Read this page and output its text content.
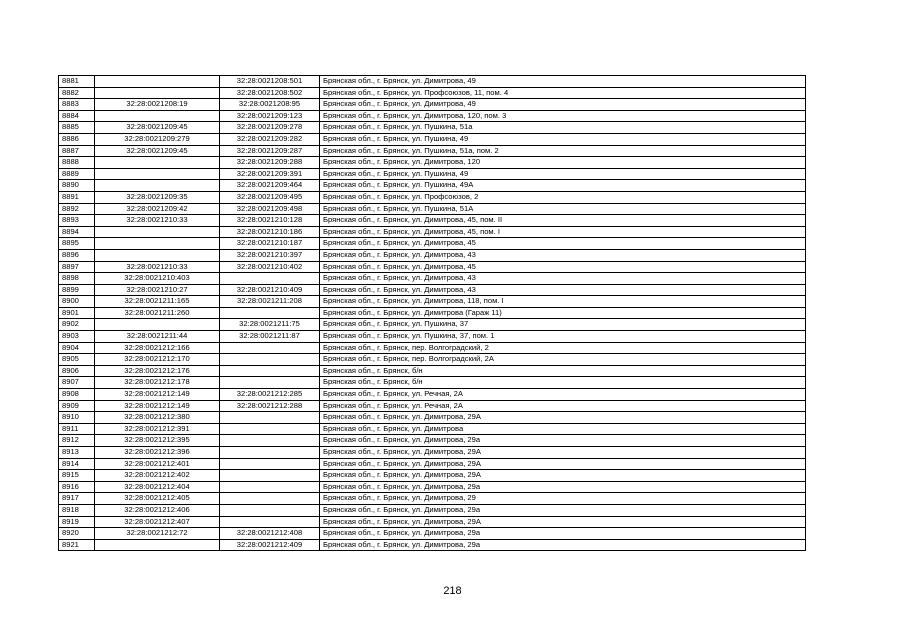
8881		32:28:0021208:501	Брянская обл., г. Брянск, ул. Димитрова, 49
8882		32:28:0021208:502	Брянская обл., г. Брянск, ул. Профсоюзов, 11, пом. 4
8883	32:28:0021208:19	32:28:0021208:95	Брянская обл., г. Брянск, ул. Димитрова, 49
8884		32:28:0021209:123	Брянская обл., г. Брянск, ул. Димитрова, 120, пом. 3
8885	32:28:0021209:45	32:28:0021209:278	Брянская обл., г. Брянск, ул. Пушкина, 51а
8886	32:28:0021209:279	32:28:0021209:282	Брянская обл., г. Брянск, ул. Пушкина, 49
8887	32:28:0021209:45	32:28:0021209:287	Брянская обл., г. Брянск, ул. Пушкина, 51а, пом. 2
8888		32:28:0021209:288	Брянская обл., г. Брянск, ул. Димитрова, 120
8889		32:28:0021209:391	Брянская обл., г. Брянск, ул. Пушкина, 49
8890		32:28:0021209:464	Брянская обл., г. Брянск, ул. Пушкина, 49А
8891	32:28:0021209:35	32:28:0021209:495	Брянская обл., г. Брянск, ул. Профсоюзов, 2
8892	32:28:0021209:42	32:28:0021209:498	Брянская обл., г. Брянск, ул. Пушкина, 51А
8893	32:28:0021210:33	32:28:0021210:128	Брянская обл., г. Брянск, ул. Димитрова, 45, пом. II
8894		32:28:0021210:186	Брянская обл., г. Брянск, ул. Димитрова, 45, пом. I
8895		32:28:0021210:187	Брянская обл., г. Брянск, ул. Димитрова, 45
8896		32:28:0021210:397	Брянская обл., г. Брянск, ул. Димитрова, 43
8897	32:28:0021210:33	32:28:0021210:402	Брянская обл., г. Брянск, ул. Димитрова, 45
8898	32:28:0021210:403		Брянская обл., г. Брянск, ул. Димитрова, 43
8899	32:28:0021210:27	32:28:0021210:409	Брянская обл., г. Брянск, ул. Димитрова, 43
8900	32:28:0021211:165	32:28:0021211:208	Брянская обл., г. Брянск, ул. Димитрова, 118, пом. I
8901	32:28:0021211:260		Брянская обл., г. Брянск, ул. Димитрова (Гараж 11)
8902		32:28:0021211:75	Брянская обл., г. Брянск, ул. Пушкина, 37
8903	32:28:0021211:44	32:28:0021211:87	Брянская обл., г. Брянск, ул. Пушкина, 37, пом. 1
8904	32:28:0021212:166		Брянская обл., г. Брянск, пер. Волгоградский, 2
8905	32:28:0021212:170		Брянская обл., г. Брянск, пер. Волгоградский, 2А
8906	32:28:0021212:176		Брянская обл., г. Брянск, б/н
8907	32:28:0021212:178		Брянская обл., г. Брянск, б/н
8908	32:28:0021212:149	32:28:0021212:285	Брянская обл., г. Брянск, ул. Речная, 2А
8909	32:28:0021212:149	32:28:0021212:288	Брянская обл., г. Брянск, ул. Речная, 2А
8910	32:28:0021212:380		Брянская обл., г. Брянск, ул. Димитрова, 29А
8911	32:28:0021212:391		Брянская обл., г. Брянск, ул. Димитрова
8912	32:28:0021212:395		Брянская обл., г. Брянск, ул. Димитрова, 29а
8913	32:28:0021212:396		Брянская обл., г. Брянск, ул. Димитрова, 29А
8914	32:28:0021212:401		Брянская обл., г. Брянск, ул. Димитрова, 29А
8915	32:28:0021212:402		Брянская обл., г. Брянск, ул. Димитрова, 29А
8916	32:28:0021212:404		Брянская обл., г. Брянск, ул. Димитрова, 29а
8917	32:28:0021212:405		Брянская обл., г. Брянск, ул. Димитрова, 29
8918	32:28:0021212:406		Брянская обл., г. Брянск, ул. Димитрова, 29а
8919	32:28:0021212:407		Брянская обл., г. Брянск, ул. Димитрова, 29А
8920	32:28:0021212:72	32:28:0021212:408	Брянская обл., г. Брянск, ул. Димитрова, 29а
8921		32:28:0021212:409	Брянская обл., г. Брянск, ул. Димитрова, 29а
218
